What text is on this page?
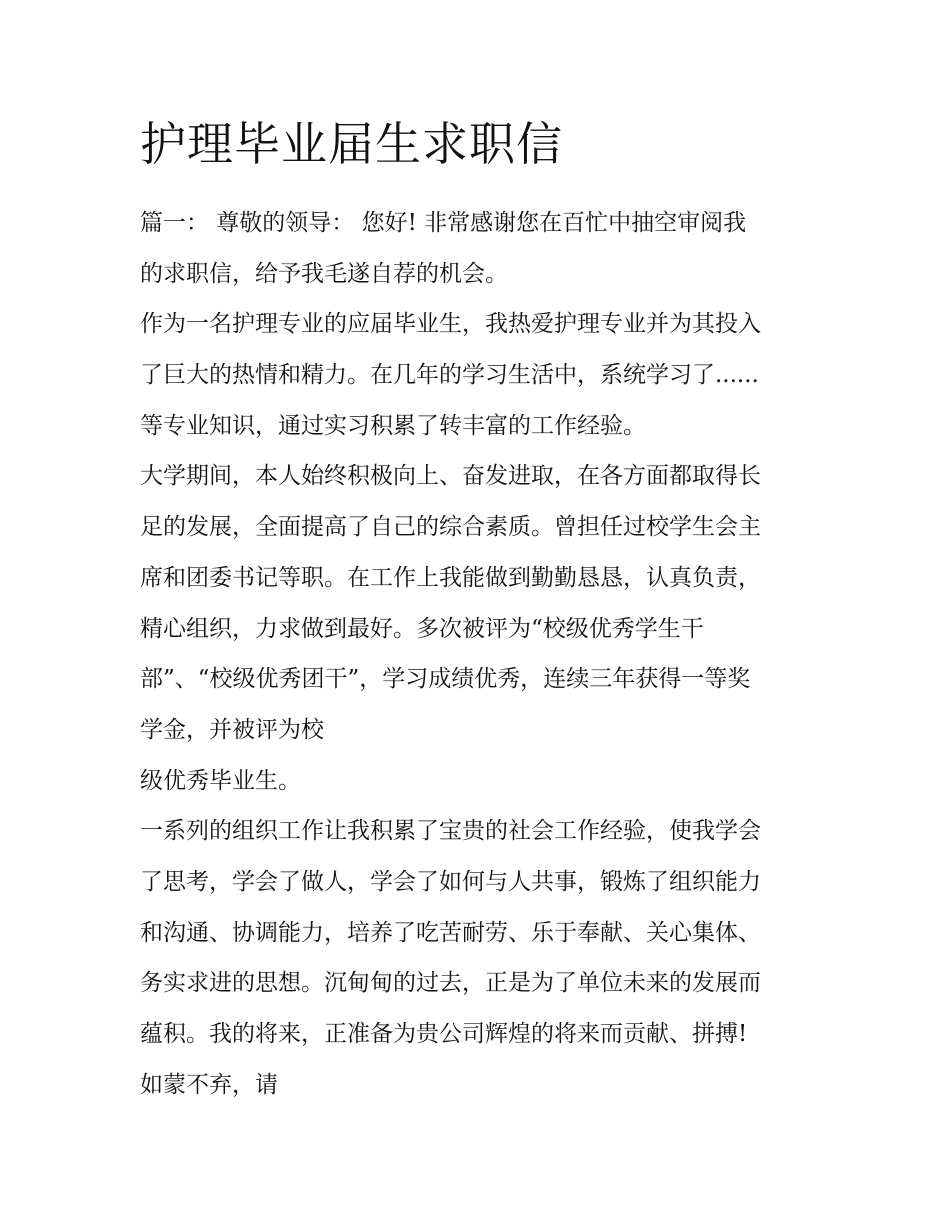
护理毕业届生求职信
篇一： 尊敬的领导： 您好! 非常感谢您在百忙中抽空审阅我
的求职信，给予我毛遂自荐的机会。
作为一名护理专业的应届毕业生，我热爱护理专业并为其投入
了巨大的热情和精力。在几年的学习生活中，系统学习了......
等专业知识，通过实习积累了转丰富的工作经验。
大学期间，本人始终积极向上、奋发进取，在各方面都取得长
足的发展，全面提高了自己的综合素质。曾担任过校学生会主
席和团委书记等职。在工作上我能做到勤勤恳恳，认真负责，
精心组织，力求做到最好。多次被评为“校级优秀学生干
部”、“校级优秀团干”，学习成绩优秀，连续三年获得一等奖
学金，并被评为校
级优秀毕业生。
一系列的组织工作让我积累了宝贵的社会工作经验，使我学会
了思考，学会了做人，学会了如何与人共事，锻炼了组织能力
和沟通、协调能力，培养了吃苦耐劳、乐于奉献、关心集体、
务实求进的思想。沉甸甸的过去，正是为了单位未来的发展而
蕴积。我的将来，正准备为贵公司辉煌的将来而贡献、拼搏!
如蒙不弃，请
